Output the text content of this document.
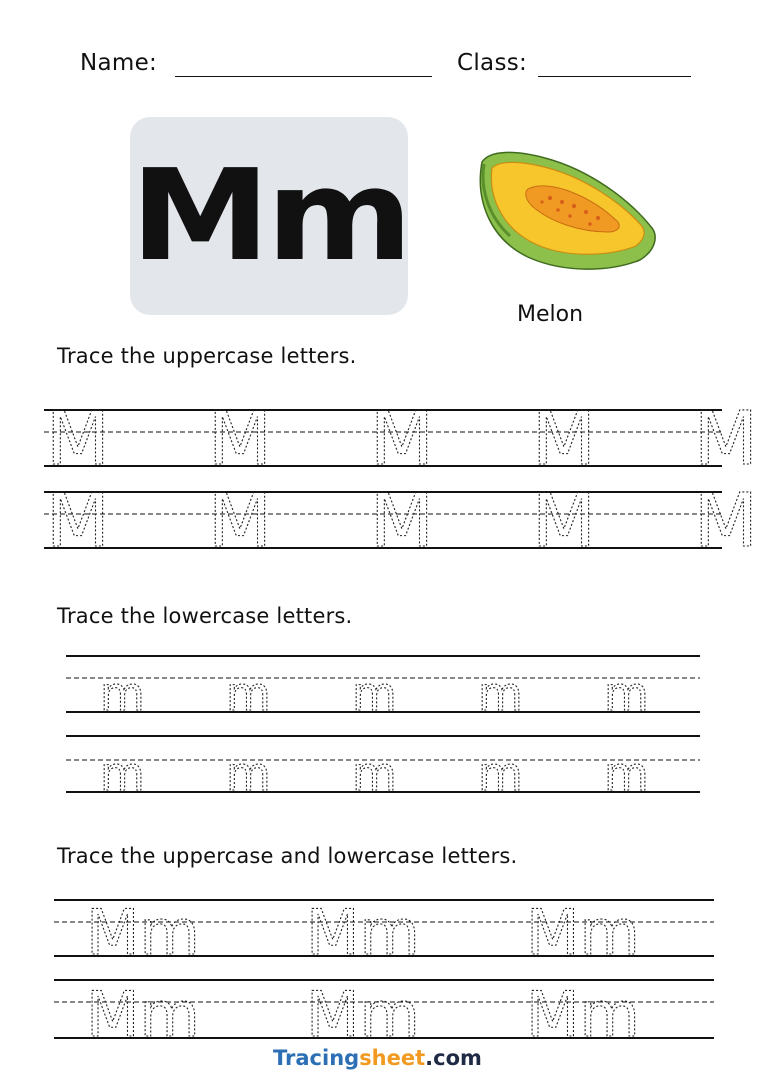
Name:	Class:
Mm
Melon
Trace the uppercase letters.
M M M M M
M M M M M
Trace the lowercase letters.
m m m m m
m m m m m
Trace the uppercase and lowercase letters.
Mm Mm Mm
Mm Mm Mm
Tracingsheet.com
